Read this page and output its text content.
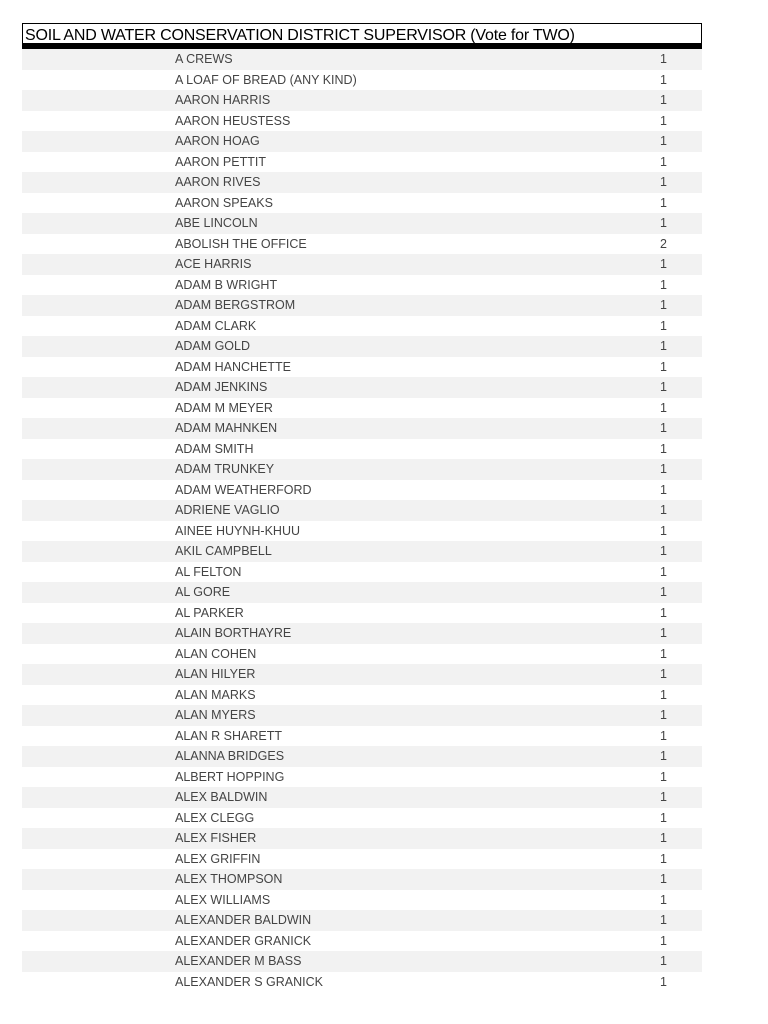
SOIL AND WATER CONSERVATION DISTRICT SUPERVISOR (Vote for TWO)
A CREWS	1
A LOAF OF BREAD (ANY KIND)	1
AARON HARRIS	1
AARON HEUSTESS	1
AARON HOAG	1
AARON PETTIT	1
AARON RIVES	1
AARON SPEAKS	1
ABE LINCOLN	1
ABOLISH THE OFFICE	2
ACE HARRIS	1
ADAM B WRIGHT	1
ADAM BERGSTROM	1
ADAM CLARK	1
ADAM GOLD	1
ADAM HANCHETTE	1
ADAM JENKINS	1
ADAM M MEYER	1
ADAM MAHNKEN	1
ADAM SMITH	1
ADAM TRUNKEY	1
ADAM WEATHERFORD	1
ADRIENE VAGLIO	1
AINEE HUYNH-KHUU	1
AKIL CAMPBELL	1
AL FELTON	1
AL GORE	1
AL PARKER	1
ALAIN BORTHAYRE	1
ALAN COHEN	1
ALAN HILYER	1
ALAN MARKS	1
ALAN MYERS	1
ALAN R SHARETT	1
ALANNA BRIDGES	1
ALBERT HOPPING	1
ALEX BALDWIN	1
ALEX CLEGG	1
ALEX FISHER	1
ALEX GRIFFIN	1
ALEX THOMPSON	1
ALEX WILLIAMS	1
ALEXANDER BALDWIN	1
ALEXANDER GRANICK	1
ALEXANDER M BASS	1
ALEXANDER S GRANICK	1
